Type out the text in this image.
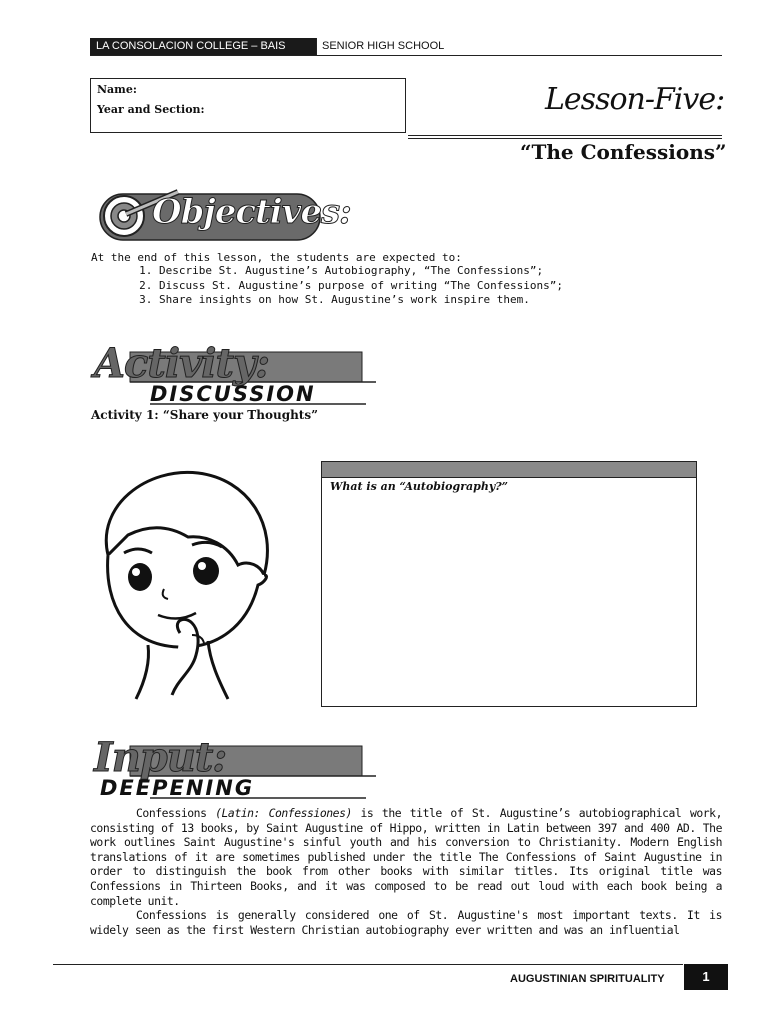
LA CONSOLACION COLLEGE – BAIS	SENIOR HIGH SCHOOL
Name:
Year and Section:	Lesson-Five:
“The Confessions”
Objectives:
At the end of this lesson, the students are expected to:
1. Describe St. Augustine’s Autobiography, “The Confessions”;
2. Discuss St. Augustine’s purpose of writing “The Confessions”;
3. Share insights on how St. Augustine’s work inspire them.
Activity:
DISCUSSION
Activity 1: “Share your Thoughts”
What is an “Autobiography?”
Input:
DEEPENING

Confessions (Latin: Confessiones) is the title of St. Augustine’s autobiographical work, consisting of 13 books, by Saint Augustine of Hippo, written in Latin between 397 and 400 AD. The work outlines Saint Augustine's sinful youth and his conversion to Christianity. Modern English translations of it are sometimes published under the title The Confessions of Saint Augustine in order to distinguish the book from other books with similar titles. Its original title was Confessions in Thirteen Books, and it was composed to be read out loud with each book being a complete unit.

Confessions is generally considered one of St. Augustine's most important texts. It is widely seen as the first Western Christian autobiography ever written and was an influential

AUGUSTINIAN SPIRITUALITY	1
